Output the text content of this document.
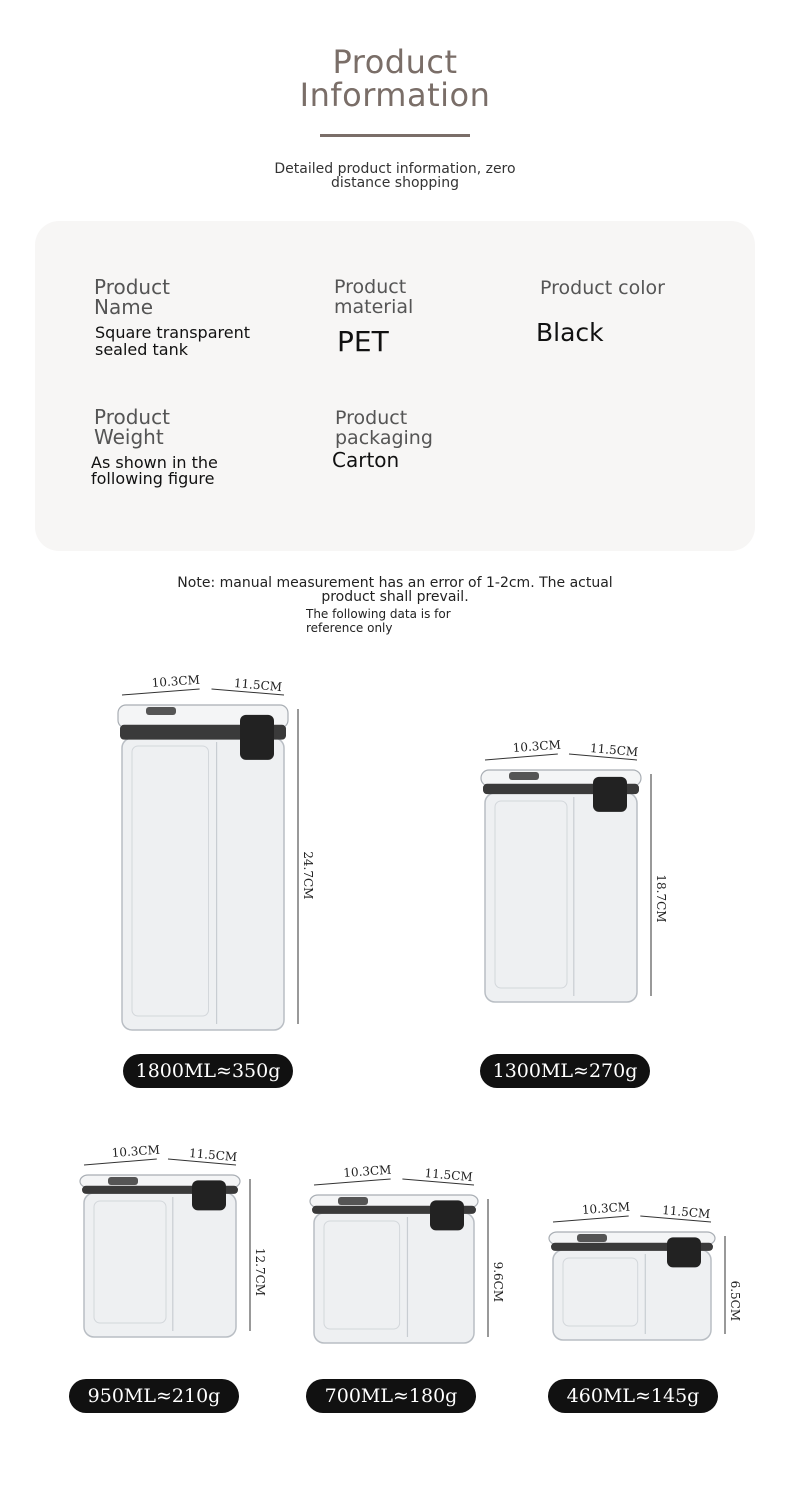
Product
Information
Detailed product information, zero
distance shopping
Product
Name
Square transparent
sealed tank
Product
material
PET
Product color
Black
Product
Weight
As shown in the
following figure
Product
packaging
Carton
Note: manual measurement has an error of 1-2cm. The actual
product shall prevail.
The following data is for
reference only
10.3CM	11.5CM
24.7CM
10.3CM 11.5CM
18.7CM
10.3CM 11.5CM
12.7CM
10.3CM	11.5CM
9.6CM
10.3CM	11.5CM
6.5CM
1800ML≈350g	1300ML≈270g
950ML≈210g	700ML≈180g	460ML≈145g
